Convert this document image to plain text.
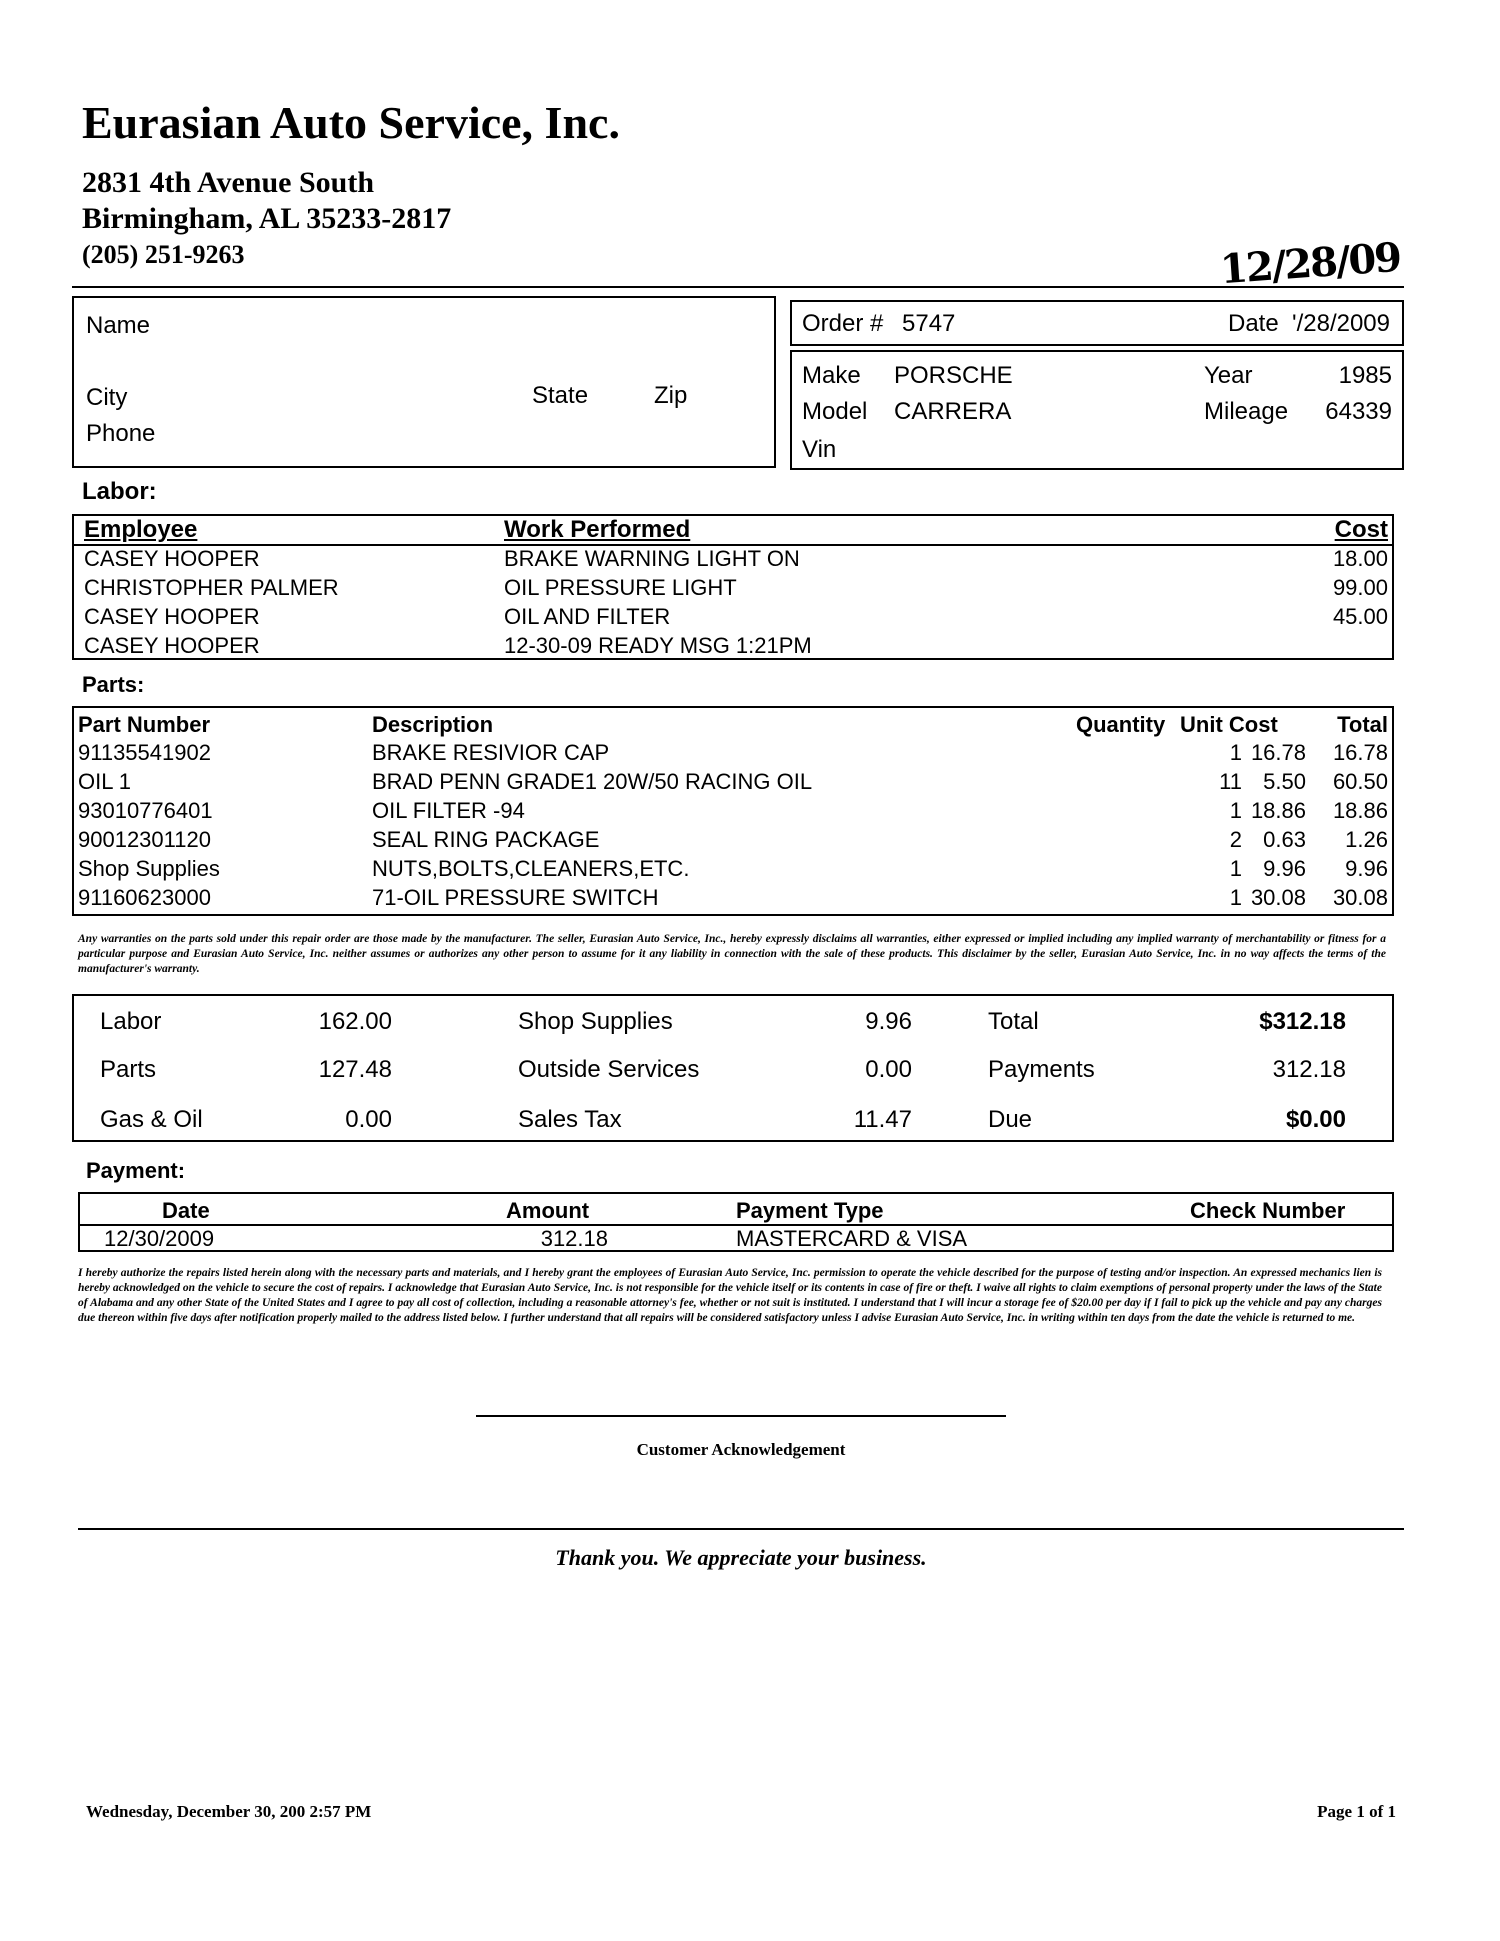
Eurasian Auto Service, Inc.
2831 4th Avenue South
Birmingham, AL 35233-2817
(205) 251-9263	12/28/09
Name
City	State	Zip
Phone
Order # 5747	Date '/28/2009
Make PORSCHE
Model CARRERA
Vin
Year	1985
Mileage 64339
Labor:
Employee	Work Performed	Cost
CASEY HOOPER	BRAKE WARNING LIGHT ON	18.00
CHRISTOPHER PALMER	OIL PRESSURE LIGHT	99.00
CASEY HOOPER	OIL AND FILTER	45.00
CASEY HOOPER	12-30-09 READY MSG 1:21PM
Parts:
Part Number	Description	Quantity Unit Cost	Total
91135541902	BRAKE RESIVIOR CAP	1 16.78 16.78
OIL 1	BRAD PENN GRADE1 20W/50 RACING OIL	11 5.50 60.50
93010776401	OIL FILTER -94	1 18.86 18.86
90012301120	SEAL RING PACKAGE	2 0.63 1.26
Shop Supplies	NUTS,BOLTS,CLEANERS,ETC.	1 9.96 9.96
91160623000	71-OIL PRESSURE SWITCH	1 30.08 30.08
Any warranties on the parts sold under this repair order are those made by the manufacturer. The seller, Eurasian Auto Service, Inc., hereby expressly disclaims all warranties, either expressed or implied including any implied warranty of merchantability or fitness for a particular purpose and Eurasian Auto Service, Inc. neither assumes or authorizes any other person to assume for it any liability in connection with the sale of these products. This disclaimer by the seller, Eurasian Auto Service, Inc. in no way affects the terms of the manufacturer's warranty.
Labor	162.00
Parts	127.48
Gas & Oil	0.00
Shop Supplies	9.96
Outside Services	0.00
Sales Tax	11.47
Total	$312.18
Payments	312.18
Due	$0.00
Payment:
Date	Amount	Payment Type	Check Number
12/30/2009	312.18	MASTERCARD & VISA
I hereby authorize the repairs listed herein along with the necessary parts and materials, and I hereby grant the employees of Eurasian Auto Service, Inc. permission to operate the vehicle described for the purpose of testing and/or inspection. An expressed mechanics lien is hereby acknowledged on the vehicle to secure the cost of repairs. I acknowledge that Eurasian Auto Service, Inc. is not responsible for the vehicle itself or its contents in case of fire or theft. I waive all rights to claim exemptions of personal property under the laws of the State of Alabama and any other State of the United States and I agree to pay all cost of collection, including a reasonable attorney's fee, whether or not suit is instituted. I understand that I will incur a storage fee of $20.00 per day if I fail to pick up the vehicle and pay any charges due thereon within five days after notification properly mailed to the address listed below. I further understand that all repairs will be considered satisfactory unless I advise Eurasian Auto Service, Inc. in writing within ten days from the date the vehicle is returned to me.
Customer Acknowledgement
Thank you. We appreciate your business.
Wednesday, December 30, 200 2:57 PM	Page 1 of 1
